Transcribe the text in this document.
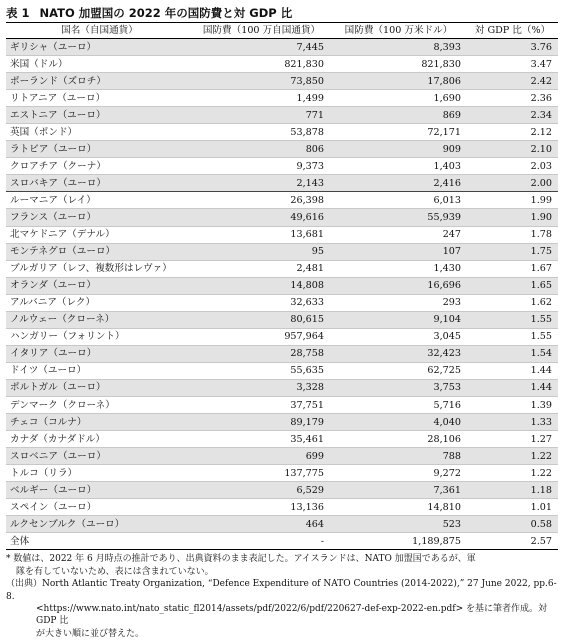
表 1 NATO 加盟国の 2022 年の国防費と対 GDP 比
国名（自国通貨）	国防費（100 万自国通貨）	国防費（100 万米ドル）	対 GDP 比（%）
ギリシャ（ユーロ）	7,445	8,393	3.76
米国（ドル）	821,830	821,830	3.47
ポーランド（ズロチ）	73,850	17,806	2.42
リトアニア（ユーロ）	1,499	1,690	2.36
エストニア（ユーロ）	771	869	2.34
英国（ポンド）	53,878	72,171	2.12
ラトビア（ユーロ）	806	909	2.10
クロアチア（クーナ）	9,373	1,403	2.03
スロバキア（ユーロ）	2,143	2,416	2.00
ルーマニア（レイ）	26,398	6,013	1.99
フランス（ユーロ）	49,616	55,939	1.90
北マケドニア（デナル）	13,681	247	1.78
モンテネグロ（ユーロ）	95	107	1.75
ブルガリア（レフ、複数形はレヴァ）	2,481	1,430	1.67
オランダ（ユーロ）	14,808	16,696	1.65
アルバニア（レク）	32,633	293	1.62
ノルウェー（クローネ）	80,615	9,104	1.55
ハンガリー（フォリント）	957,964	3,045	1.55
イタリア（ユーロ）	28,758	32,423	1.54
ドイツ（ユーロ）	55,635	62,725	1.44
ポルトガル（ユーロ）	3,328	3,753	1.44
デンマーク（クローネ）	37,751	5,716	1.39
チェコ（コルナ）	89,179	4,040	1.33
カナダ（カナダドル）	35,461	28,106	1.27
スロベニア（ユーロ）	699	788	1.22
トルコ（リラ）	137,775	9,272	1.22
ベルギー（ユーロ）	6,529	7,361	1.18
スペイン（ユーロ）	13,136	14,810	1.01
ルクセンブルク（ユーロ）	464	523	0.58
全体	-	1,189,875	2.57

* 数値は、2022 年 6 月時点の推計であり、出典資料のまま表記した。アイスランドは、NATO 加盟国であるが、軍

隊を有していないため、表には含まれていない。

（出典）North Atlantic Treaty Organization, “Defence Expenditure of NATO Countries (2014-2022),” 27 June 2022, pp.6-8.

<https://www.nato.int/nato_static_fl2014/assets/pdf/2022/6/pdf/220627-def-exp-2022-en.pdf> を基に筆者作成。対 GDP 比

が大きい順に並び替えた。
